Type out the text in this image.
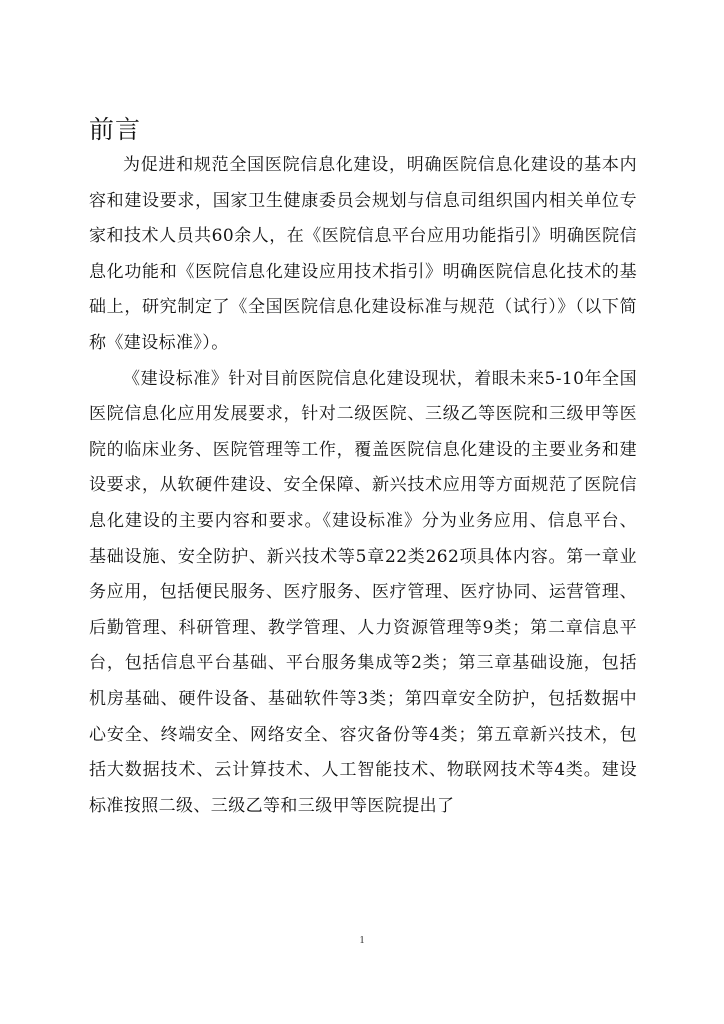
前言

为促进和规范全国医院信息化建设，明确医院信息化建设的基本内容和建设要求，国家卫生健康委员会规划与信息司组织国内相关单位专家和技术人员共60余人，在《医院信息平台应用功能指引》明确医院信息化功能和《医院信息化建设应用技术指引》明确医院信息化技术的基础上，研究制定了《全国医院信息化建设标准与规范（试行）》（以下简称《建设标准》）。

《建设标准》针对目前医院信息化建设现状，着眼未来5-10年全国医院信息化应用发展要求，针对二级医院、三级乙等医院和三级甲等医院的临床业务、医院管理等工作，覆盖医院信息化建设的主要业务和建设要求，从软硬件建设、安全保障、新兴技术应用等方面规范了医院信息化建设的主要内容和要求。《建设标准》分为业务应用、信息平台、基础设施、安全防护、新兴技术等5章22类262项具体内容。第一章业务应用，包括便民服务、医疗服务、医疗管理、医疗协同、运营管理、后勤管理、科研管理、教学管理、人力资源管理等9类；第二章信息平台，包括信息平台基础、平台服务集成等2类；第三章基础设施，包括机房基础、硬件设备、基础软件等3类；第四章安全防护，包括数据中心安全、终端安全、网络安全、容灾备份等4类；第五章新兴技术，包括大数据技术、云计算技术、人工智能技术、物联网技术等4类。建设标准按照二级、三级乙等和三级甲等医院提出了

1
